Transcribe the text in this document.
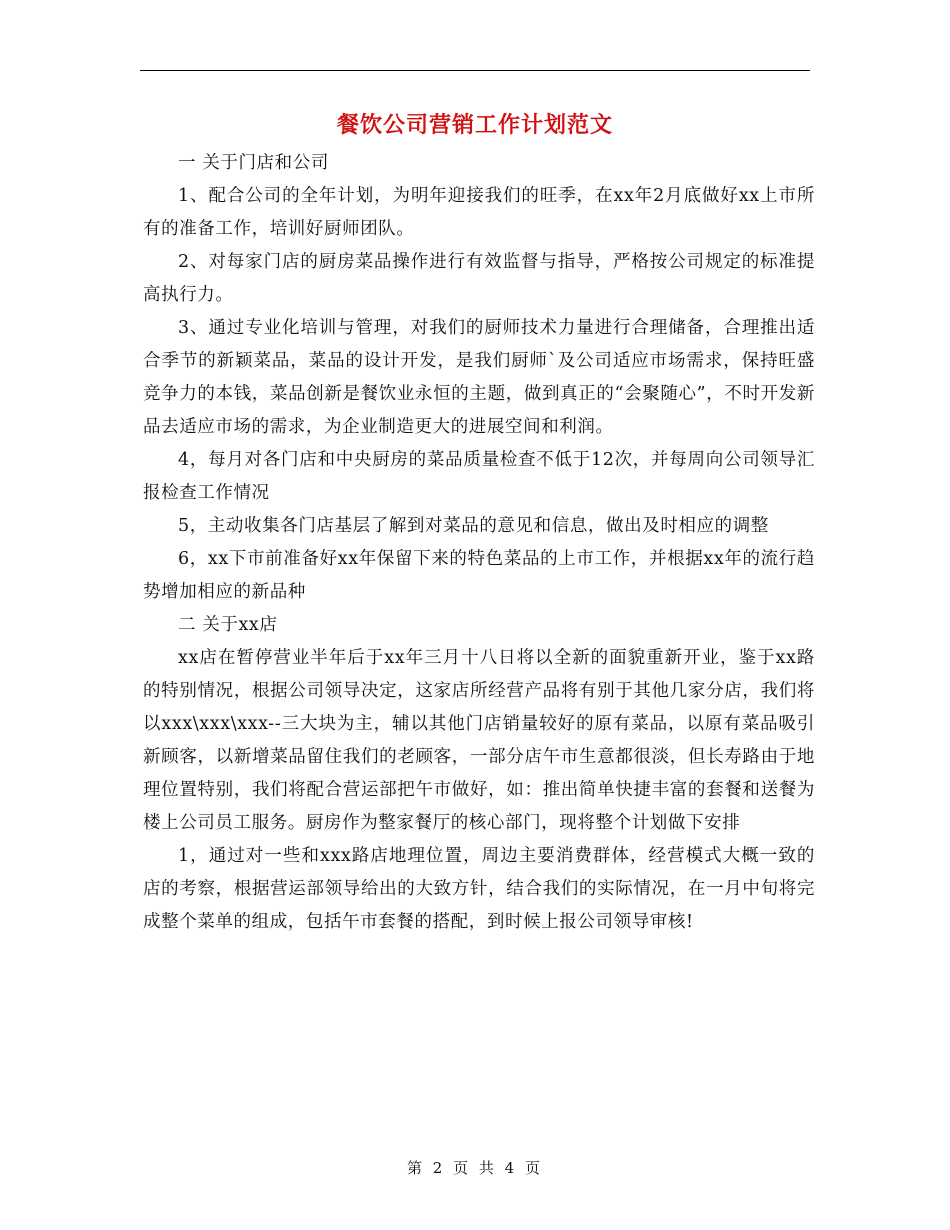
餐饮公司营销工作计划范文

一 关于门店和公司

1、配合公司的全年计划，为明年迎接我们的旺季，在xx年2月底做好xx上市所有的准备工作，培训好厨师团队。

2、对每家门店的厨房菜品操作进行有效监督与指导，严格按公司规定的标准提高执行力。

3、通过专业化培训与管理，对我们的厨师技术力量进行合理储备，合理推出适合季节的新颖菜品，菜品的设计开发，是我们厨师`及公司适应市场需求，保持旺盛竞争力的本钱，菜品创新是餐饮业永恒的主题，做到真正的“会聚随心”，不时开发新品去适应市场的需求，为企业制造更大的进展空间和利润。

4，每月对各门店和中央厨房的菜品质量检查不低于12次，并每周向公司领导汇报检查工作情况

5，主动收集各门店基层了解到对菜品的意见和信息，做出及时相应的调整

6，xx下市前准备好xx年保留下来的特色菜品的上市工作，并根据xx年的流行趋势增加相应的新品种

二 关于xx店

xx店在暂停营业半年后于xx年三月十八日将以全新的面貌重新开业，鉴于xx路的特别情况，根据公司领导决定，这家店所经营产品将有别于其他几家分店，我们将以xxx\xxx\xxx--三大块为主，辅以其他门店销量较好的原有菜品，以原有菜品吸引新顾客，以新增菜品留住我们的老顾客，一部分店午市生意都很淡，但长寿路由于地理位置特别，我们将配合营运部把午市做好，如：推出简单快捷丰富的套餐和送餐为楼上公司员工服务。厨房作为整家餐厅的核心部门，现将整个计划做下安排

1，通过对一些和xxx路店地理位置，周边主要消费群体，经营模式大概一致的店的考察，根据营运部领导给出的大致方针，结合我们的实际情况，在一月中旬将完成整个菜单的组成，包括午市套餐的搭配，到时候上报公司领导审核!

第 2 页 共 4 页
